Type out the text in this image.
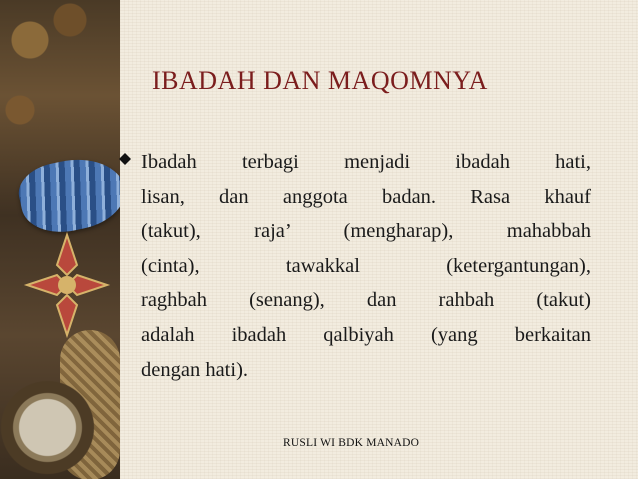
IBADAH DAN MAQOMNYA
Ibadah terbagi menjadi ibadah hati,
lisan, dan anggota badan. Rasa khauf
(takut), raja’ (mengharap), mahabbah
(cinta), tawakkal (ketergantungan),
raghbah (senang), dan rahbah (takut)
adalah ibadah qalbiyah (yang berkaitan
dengan hati).
RUSLI WI BDK MANADO
